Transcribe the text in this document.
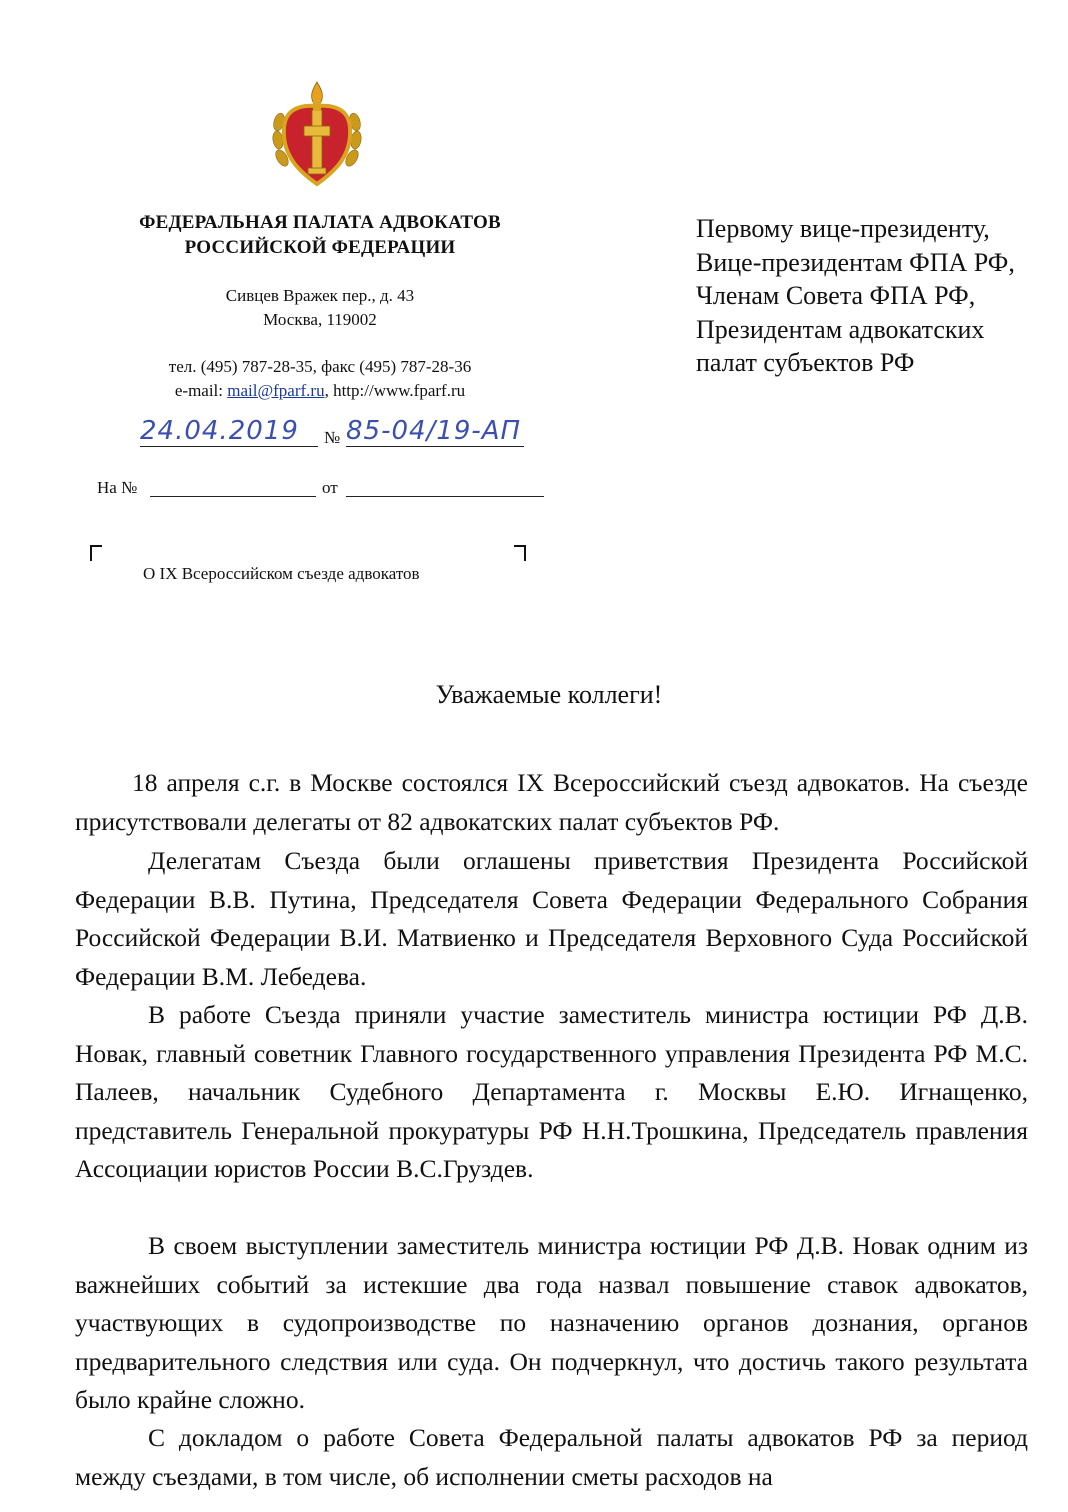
ФЕДЕРАЛЬНАЯ ПАЛАТА АДВОКАТОВ
РОССИЙСКОЙ ФЕДЕРАЦИИ
Сивцев Вражек пер., д. 43
Москва, 119002
тел. (495) 787-28-35, факс (495) 787-28-36
e-mail: mail@fparf.ru, http://www.fparf.ru
24.04.2019	№ 85-04/19-АП
На №	от
О IX Всероссийском съезде адвокатов
Первому вице-президенту,
Вице-президентам ФПА РФ,
Членам Совета ФПА РФ,
Президентам адвокатских
палат субъектов РФ
Уважаемые коллеги!

18 апреля с.г. в Москве состоялся IX Всероссийский съезд адвокатов. На съезде присутствовали делегаты от 82 адвокатских палат субъектов РФ.

Делегатам Съезда были оглашены приветствия Президента Российской Федерации В.В. Путина, Председателя Совета Федерации Федерального Собрания Российской Федерации В.И. Матвиенко и Председателя Верховного Суда Российской Федерации В.М. Лебедева.

В работе Съезда приняли участие заместитель министра юстиции РФ Д.В. Новак, главный советник Главного государственного управления Президента РФ М.С. Палеев, начальник Судебного Департамента г. Москвы Е.Ю. Игнащенко, представитель Генеральной прокуратуры РФ Н.Н.Трошкина, Председатель правления Ассоциации юристов России В.С.Груздев.

В своем выступлении заместитель министра юстиции РФ Д.В. Новак одним из важнейших событий за истекшие два года назвал повышение ставок адвокатов, участвующих в судопроизводстве по назначению органов дознания, органов предварительного следствия или суда. Он подчеркнул, что достичь такого результата было крайне сложно.

С докладом о работе Совета Федеральной палаты адвокатов РФ за период между съездами, в том числе, об исполнении сметы расходов на
